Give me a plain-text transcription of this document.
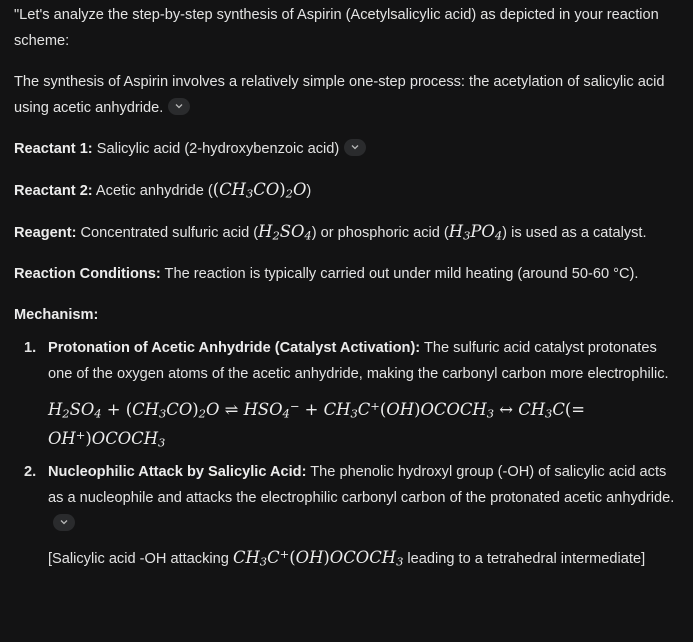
"Let's analyze the step-by-step synthesis of Aspirin (Acetylsalicylic acid) as depicted in your reaction scheme:

The synthesis of Aspirin involves a relatively simple one-step process: the acetylation of salicylic acid using acetic anhydride.

Reactant 1: Salicylic acid (2-hydroxybenzoic acid)

Reactant 2: Acetic anhydride $((CH_3CO)_2O)$

Reagent: Concentrated sulfuric acid $(H_2SO_4)$ or phosphoric acid $(H_3PO_4)$ is used as a catalyst.

Reaction Conditions: The reaction is typically carried out under mild heating (around 50-60 °C).

Mechanism:

1. Protonation of Acetic Anhydride (Catalyst Activation): The sulfuric acid catalyst protonates one of the oxygen atoms of the acetic anhydride, making the carbonyl carbon more electrophilic.
$H_2SO_4 + (CH_3CO)_2O$ ⇌ $HSO_4^-$ + $CH_3C^+(OH)OCOCH_3$ ↔ $CH_3C(=$
$OH^+)OCOCH_3$
2. Nucleophilic Attack by Salicylic Acid: The phenolic hydroxyl group (-OH) of salicylic acid acts as a nucleophile and attacks the electrophilic carbonyl carbon of the protonated acetic anhydride.
[Salicylic acid -OH attacking $CH_3C^+(OH)OCOCH_3$ leading to a tetrahedral intermediate]
